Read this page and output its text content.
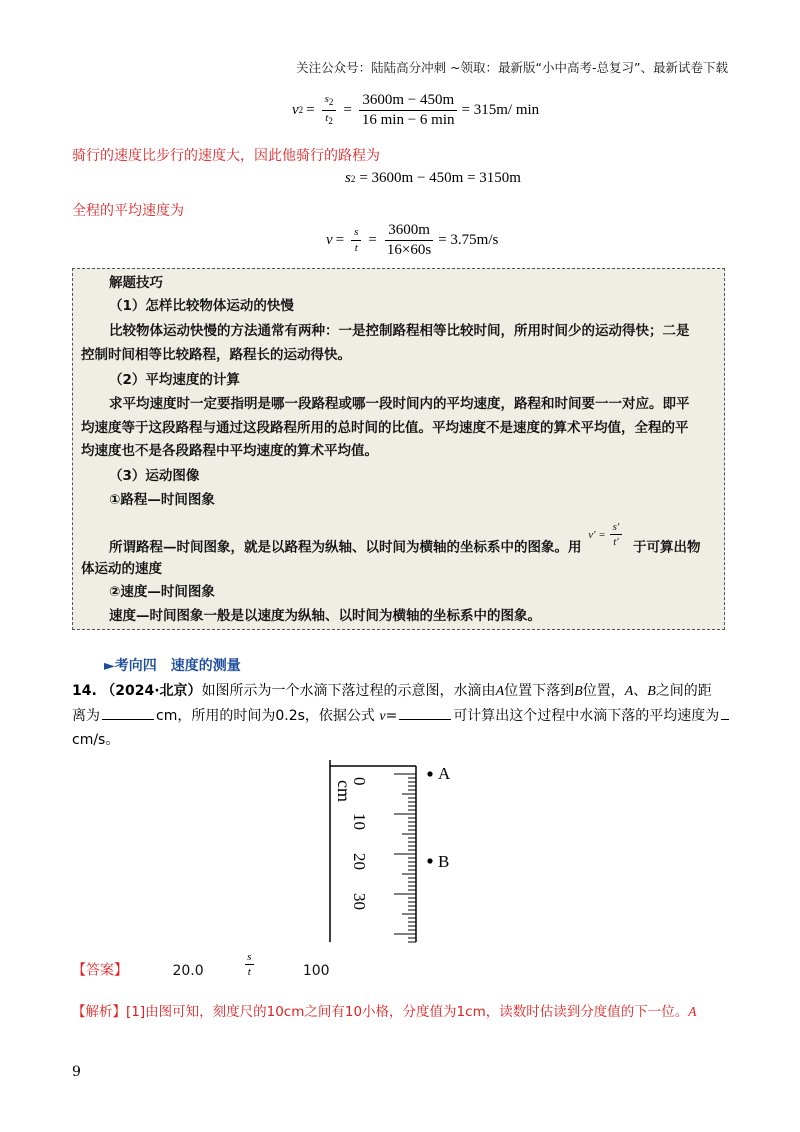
关注公众号：陆陆高分冲刺 ~领取：最新版“小中高考-总复习”、最新试卷下载
v $2 = \frac{s_2}{t_2} = \frac{3600m - 450m}{16 \min - 6 \min} = 315m/$ min
骑行的速度比步行的速度大，因此他骑行的路程为
s 2 = 3600m − 450m = 3150m
全程的平均速度为
$v = \frac{s}{t} = \frac{3600m}{16\times 60s} = 3.75m/s$
解题技巧
（1）怎样比较物体运动的快慢
比较物体运动快慢的方法通常有两种：一是控制路程相等比较时间，所用时间少的运动得快；二是
控制时间相等比较路程，路程长的运动得快。
（2）平均速度的计算
求平均速度时一定要指明是哪一段路程或哪一段时间内的平均速度，路程和时间要一一对应。即平
均速度等于这段路程与通过这段路程所用的总时间的比值。平均速度不是速度的算术平均值，全程的平
均速度也不是各段路程中平均速度的算术平均值。
（3）运动图像
①路程—时间图象
所谓路程—时间图象，就是以路程为纵轴、以时间为横轴的坐标系中的图象。用
$v' = \frac{s'}{t'}$ 于可算出物
体运动的速度
②速度—时间图象
速度—时间图象一般是以速度为纵轴、以时间为横轴的坐标系中的图象。
►考向四　速度的测量
14. （2024·北京）如图所示为一个水滴下落过程的示意图，水滴由A位置下落到B位置，A、B之间的距
离为	cm，所用的时间为0.2s，依据公式 v=	可计算出这个过程中水滴下落的平均速度为
cm/s。
0
10
20
30
cm
A
B
【答案】	20.0	$\frac{s}{t}$	100
【解析】[1]由图可知，刻度尺的10cm之间有10小格，分度值为1cm，读数时估读到分度值的下一位。A
9
